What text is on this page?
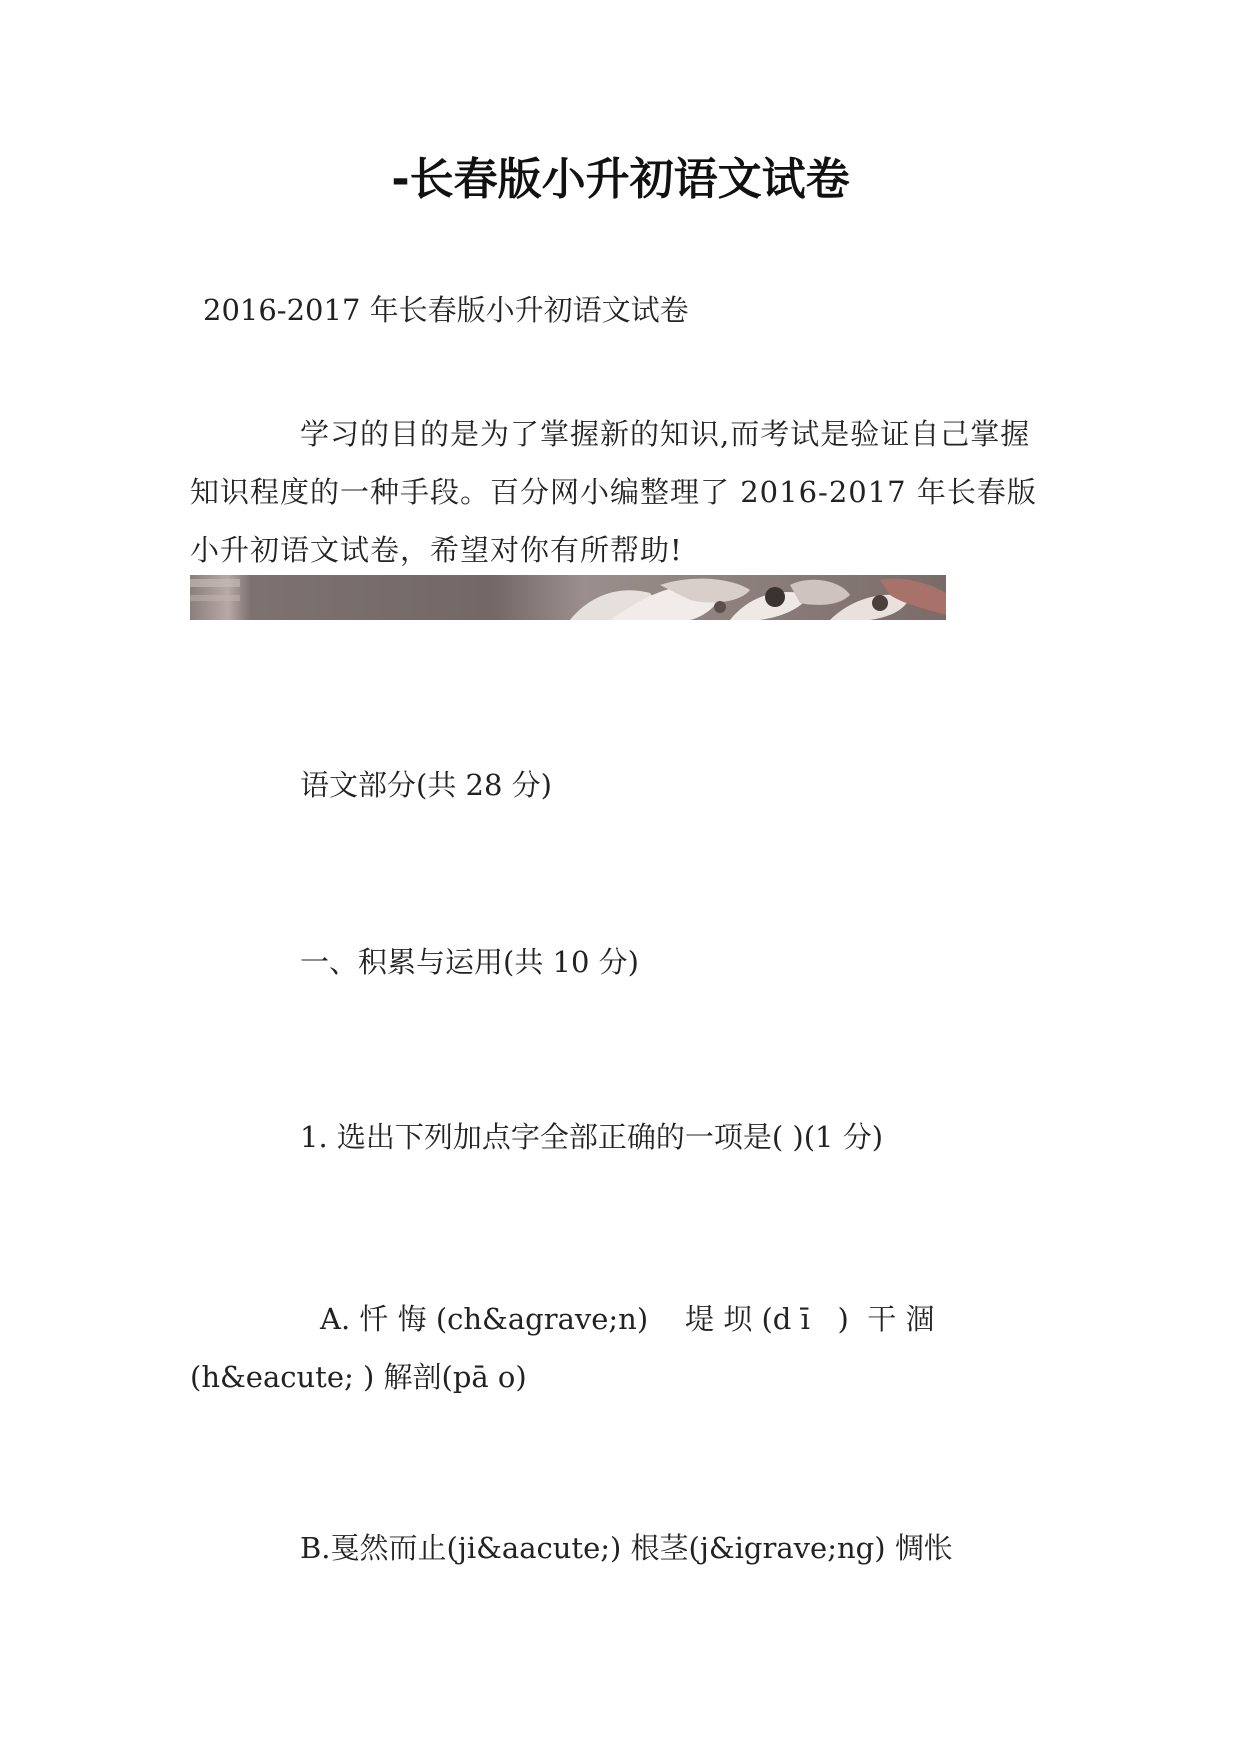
-长春版小升初语文试卷
2016-2017 年长春版小升初语文试卷
学习的目的是为了掌握新的知识,而考试是验证自己掌握知识程度的一种手段。百分网小编整理了 2016-2017 年长春版小升初语文试卷，希望对你有所帮助!
语文部分(共 28 分)
一、积累与运用(共 10 分)
1. 选出下列加点字全部正确的一项是( )(1 分)
A. 忏 悔 (ch&agrave;n)    堤 坝 (d ī   )  干 涸 (h&eacute; ) 解剖(pā o)
B.戛然而止(ji&aacute;) 根茎(j&igrave;ng) 惆怅
